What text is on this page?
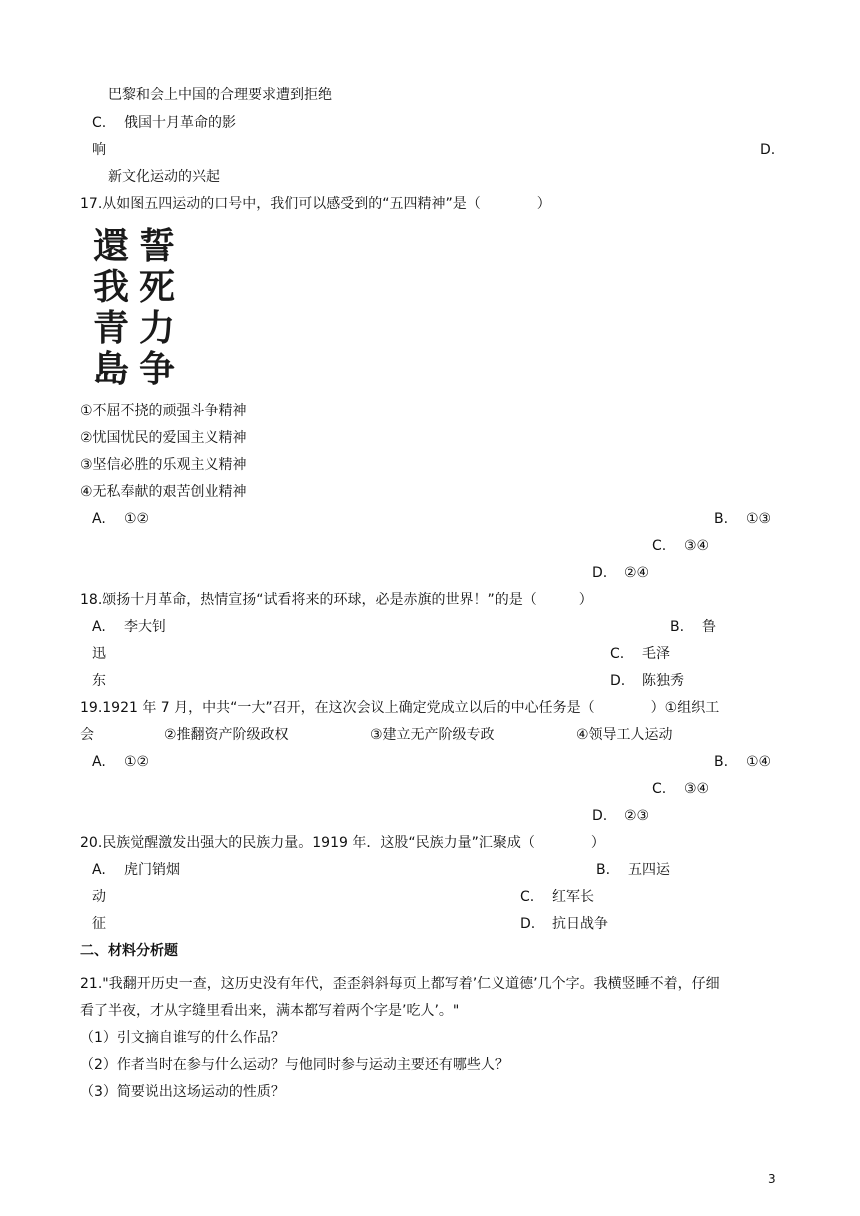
巴黎和会上中国的合理要求遭到拒绝
C. 俄国十月革命的影
响	D.
新文化运动的兴起
17.从如图五四运动的口号中，我们可以感受到的“五四精神”是（　　　　）
誓
死
力
争
還
我
青
島
①不屈不挠的顽强斗争精神
②忧国忧民的爱国主义精神
③坚信必胜的乐观主义精神
④无私奉献的艰苦创业精神
A. ①②	B. ①③
C. ③④
D. ②④
18.颂扬十月革命，热情宣扬“试看将来的环球，必是赤旗的世界！”的是（　　　）
A. 李大钊	B. 鲁
迅	C. 毛泽
东	D. 陈独秀
19.1921 年 7 月，中共“一大”召开，在这次会议上确定党成立以后的中心任务是（　　　　）①组织工
会	②推翻资产阶级政权	③建立无产阶级专政	④领导工人运动
A. ①②	B. ①④
C. ③④
D. ②③
20.民族觉醒激发出强大的民族力量。1919 年．这股“民族力量”汇聚成（　　　　）
A. 虎门销烟	B. 五四运
动	C. 红军长
征	D. 抗日战争
二、材料分析题
21."我翻开历史一查，这历史没有年代，歪歪斜斜每页上都写着’仁义道德’几个字。我横竖睡不着，仔细
看了半夜，才从字缝里看出来，满本都写着两个字是’吃人’。"
（1）引文摘自谁写的什么作品？
（2）作者当时在参与什么运动？与他同时参与运动主要还有哪些人？
（3）简要说出这场运动的性质？
3
